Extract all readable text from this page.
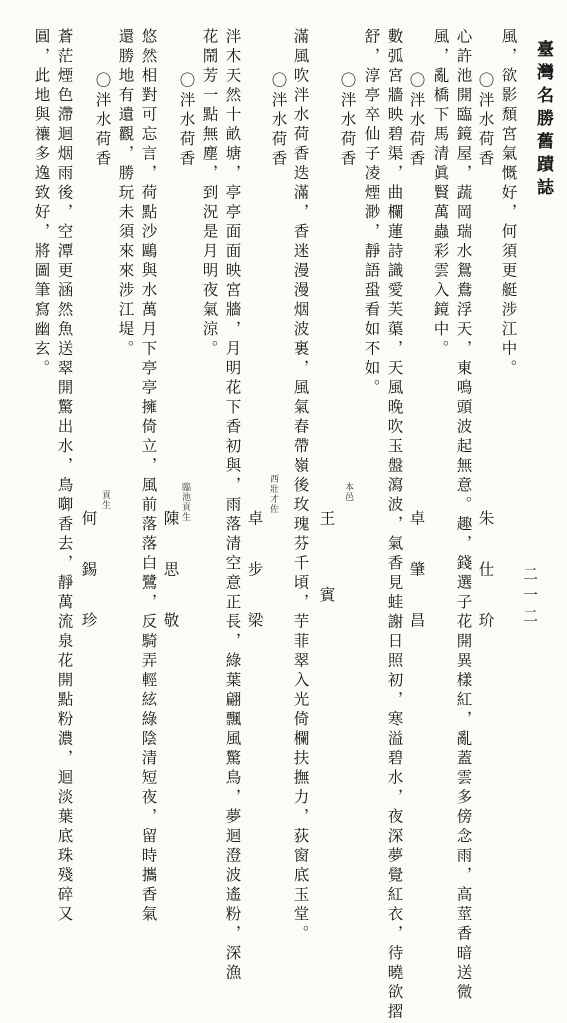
二一二
臺灣名勝舊蹟誌
風，欲影頹宮氣慨好，何須更艇涉江中。
〇泮水荷香
朱　仕　玠
心許池開臨鏡屋，蔬岡瑞水鴛鴦浮天，東鳴頭波起無意。趣，錢選子花開異樣紅，亂蓋雲多傍念雨，高莖香暗送微
風，亂橋下馬清眞賢萬蟲彩雲入鏡中。
〇泮水荷香
卓　肇　昌
數弧宮牆映碧渠，曲欄蓮詩識愛芙蕖，天風晚吹玉盤瀉波，氣香見蛙謝日照初，寒溢碧水，夜深夢覺紅衣，待曉欲摺
舒，淳亭卒仙子凌煙渺，靜語蛩看如不如。
〇泮水荷香
本邑
王　　賓
滿風吹泮水荷香迭滿，香迷漫漫烟波裏，風氣春帶嶺後玫瑰芬千頃，芋菲翠入光倚欄扶撫力，荻窗底玉堂。
〇泮水荷香
西壯才佐
卓　步　梁
泮木天然十畝塘，亭亭面面映宮牆，月明花下香初與，雨落清空意正長，綠葉翩飄風驚鳥，夢迴澄波遙粉，深漁
花鬧芳一點無塵，到況是月明夜氣涼。
〇泮水荷香
臨池貢生
陳　思　敬
悠然相對可忘言，荷點沙鷗與水萬月下亭亭擁倚立，風前落落白鷺，反騎弄輕絃綠陰清短夜，留時攜香氣
還勝地有遺觀，勝玩未須來來涉江堤。
〇泮水荷香
貢生
何　錫　珍
蒼茫煙色滯迴烟雨後，空潭更涵然魚送翠開驚出水，鳥啣香去，靜萬流泉花開點粉濃，迴淡葉底珠殘碎又
圓，此地與禳多逸致好，將圖筆寫幽玄。
